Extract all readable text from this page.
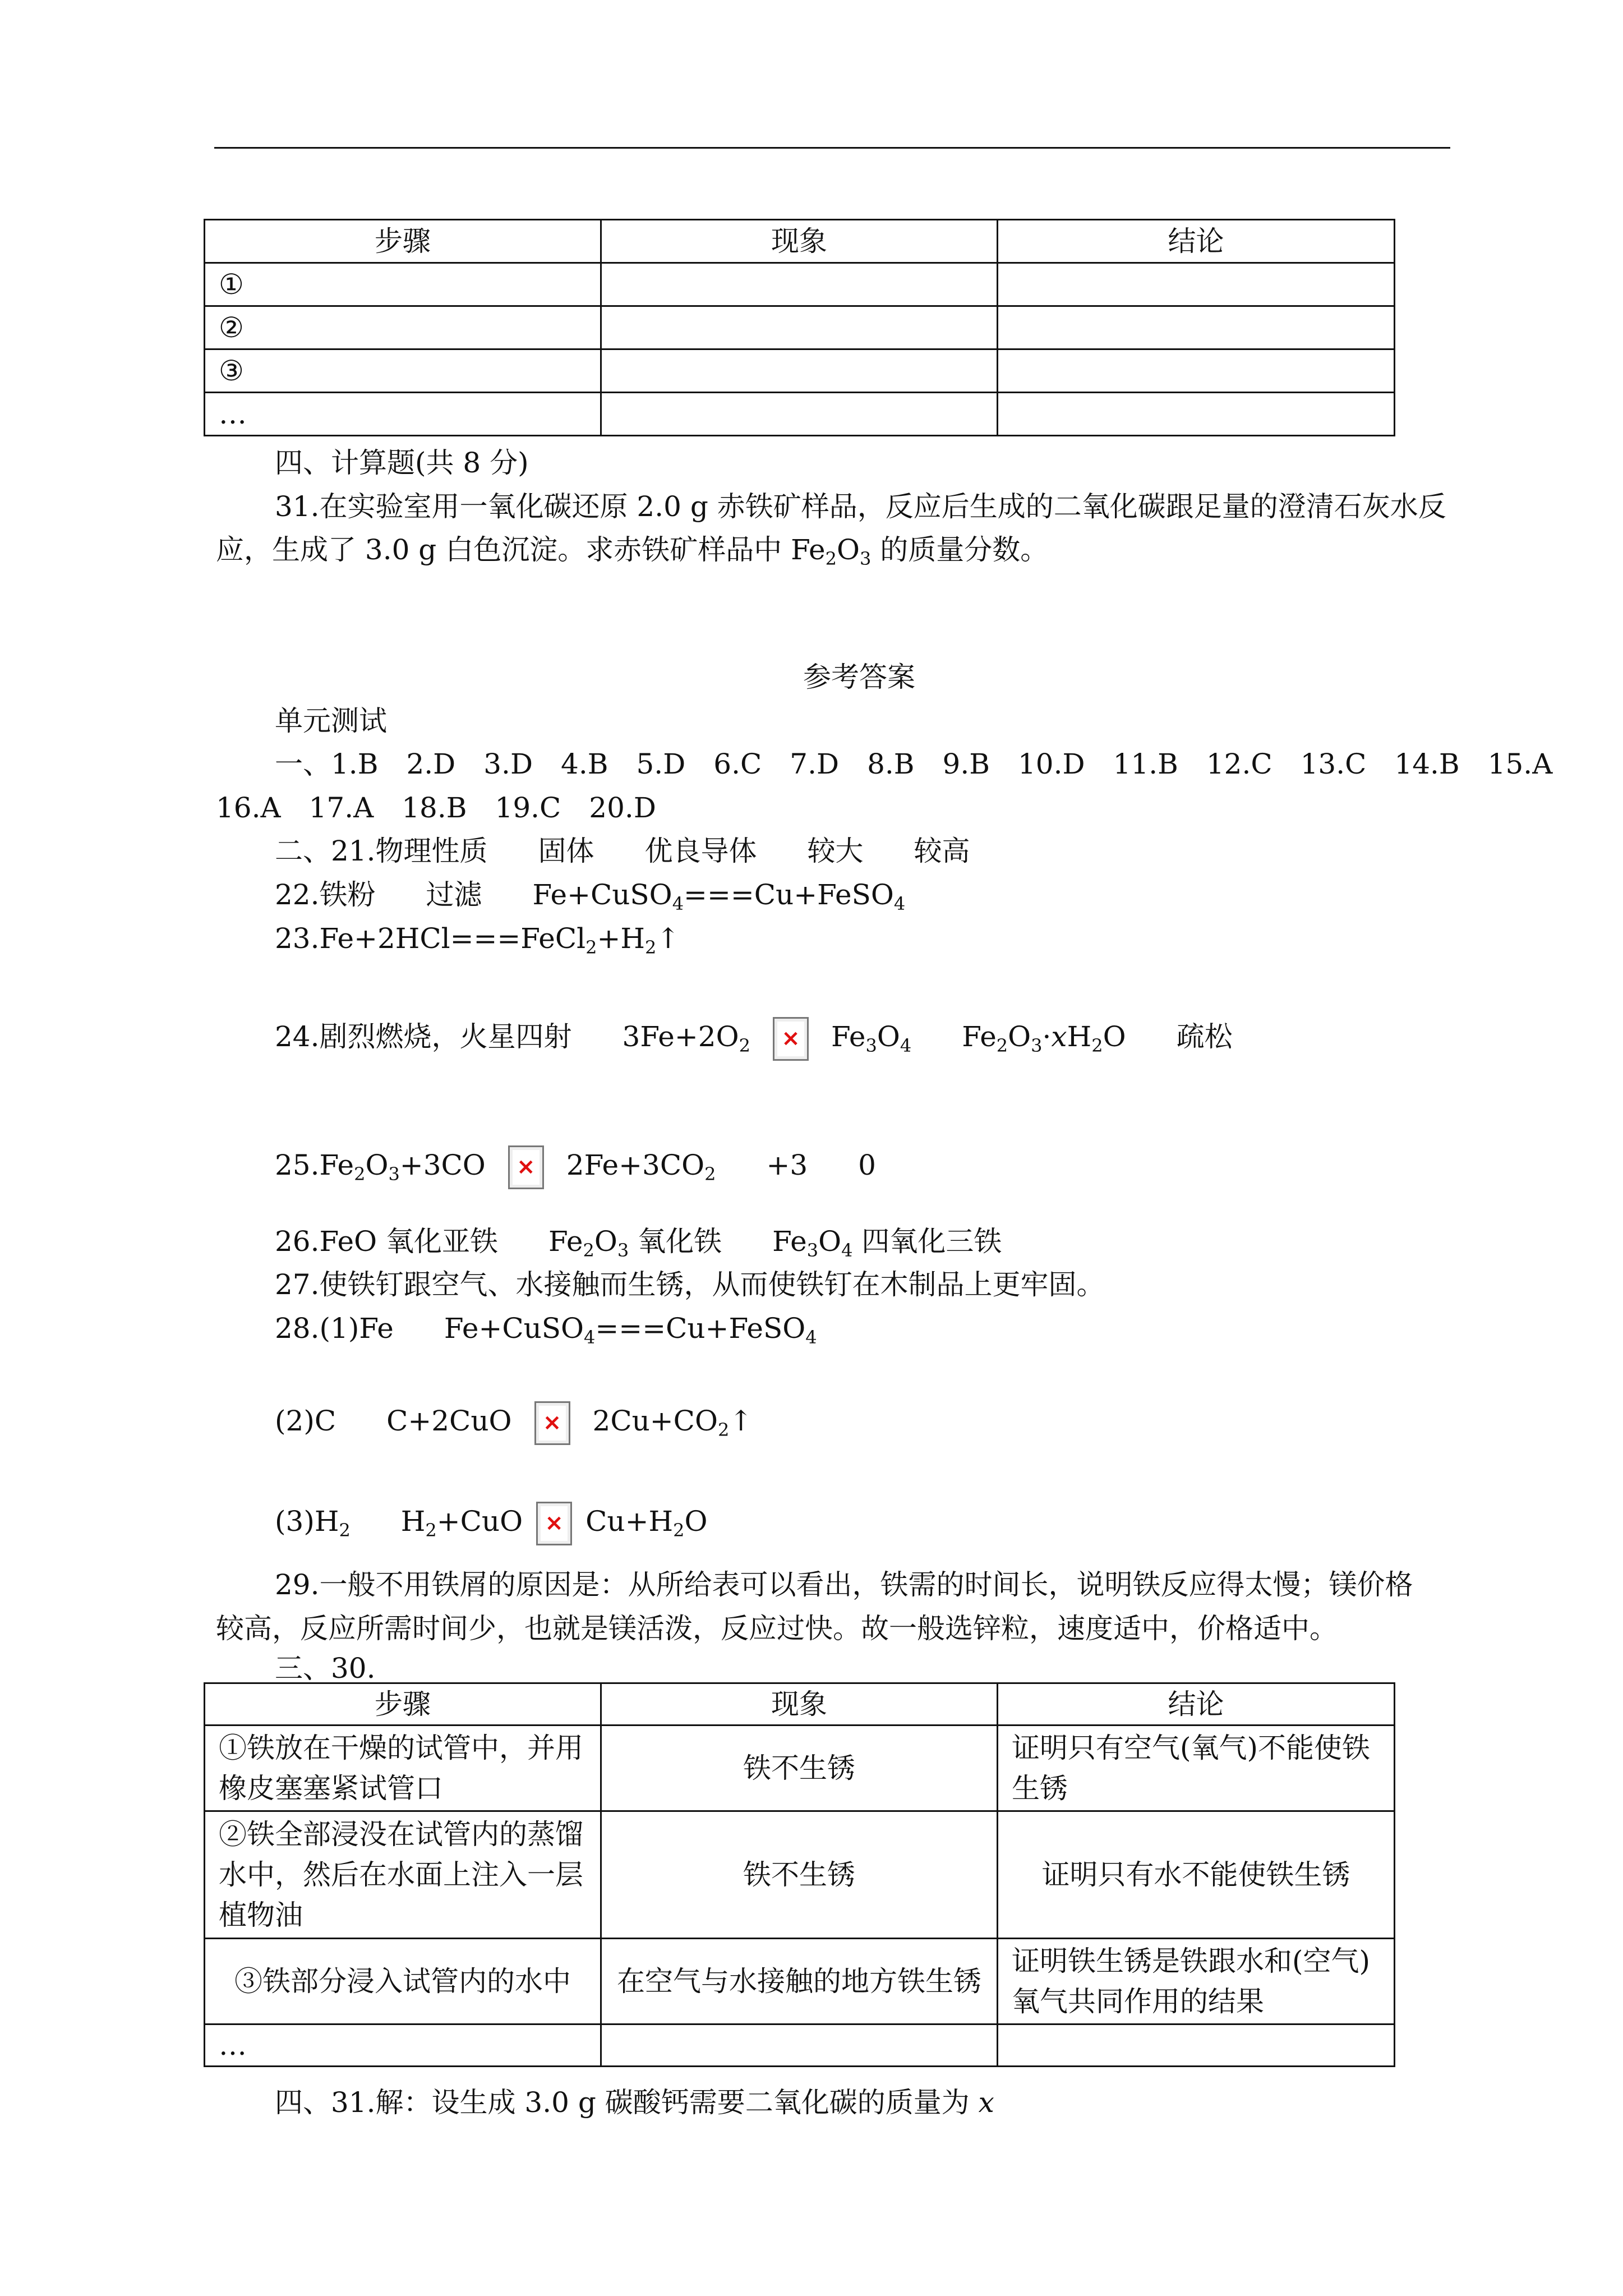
步骤	现象	结论
①		
②		
③		
…		
四、计算题(共 8 分)
31.在实验室用一氧化碳还原 2.0 g 赤铁矿样品，反应后生成的二氧化碳跟足量的澄清石灰水反
应，生成了 3.0 g 白色沉淀。求赤铁矿样品中 $Fe_2O_3$ 的质量分数。
参考答案
单元测试
一、1.B 2.D 3.D 4.B 5.D 6.C 7.D 8.B 9.B 10.D 11.B 12.C 13.C 14.B 15.A
16.A 17.A 18.B 19.C 20.D
二、21.物理性质 固体 优良导体 较大 较高
22.铁粉 过滤 Fe+CuSO$_4$===Cu+FeSO$_4$
$23.Fe+2HCl===FeCl_2+H_2↑$
24.剧烈燃烧，火星四射 $3Fe+2O_2$	× $Fe_3O_4$ $Fe_2O_3\cdot xH_2O$ 疏松
$25.Fe_2O_3+3CO$	× $2Fe+3CO_2 +3$ 0
26.FeO 氧化亚铁 $Fe_2O_3$ 氧化铁 $Fe_3O_4$ 四氧化三铁
27.使铁钉跟空气、水接触而生锈，从而使铁钉在木制品上更牢固。
28.(1)Fe Fe+CuSO$_4$===Cu+FeSO$_4$
(2)C C+2CuO	× $2Cu+CO_2↑$
$(3)H_2$ $H_2+CuO \times Cu+H_2O$
29.一般不用铁屑的原因是：从所给表可以看出，铁需的时间长，说明铁反应得太慢；镁价格
较高，反应所需时间少，也就是镁活泼，反应过快。故一般选锌粒，速度适中，价格适中。
三、30.
步骤	现象	结论
①铁放在干燥的试管中，并用橡皮塞塞紧试管口	铁不生锈	证明只有空气(氧气)不能使铁生锈
②铁全部浸没在试管内的蒸馏水中，然后在水面上注入一层植物油	铁不生锈	证明只有水不能使铁生锈
③铁部分浸入试管内的水中	在空气与水接触的地方铁生锈	证明铁生锈是铁跟水和(空气)氧气共同作用的结果
…		
四、31.解：设生成 3.0 g 碳酸钙需要二氧化碳的质量为 x
